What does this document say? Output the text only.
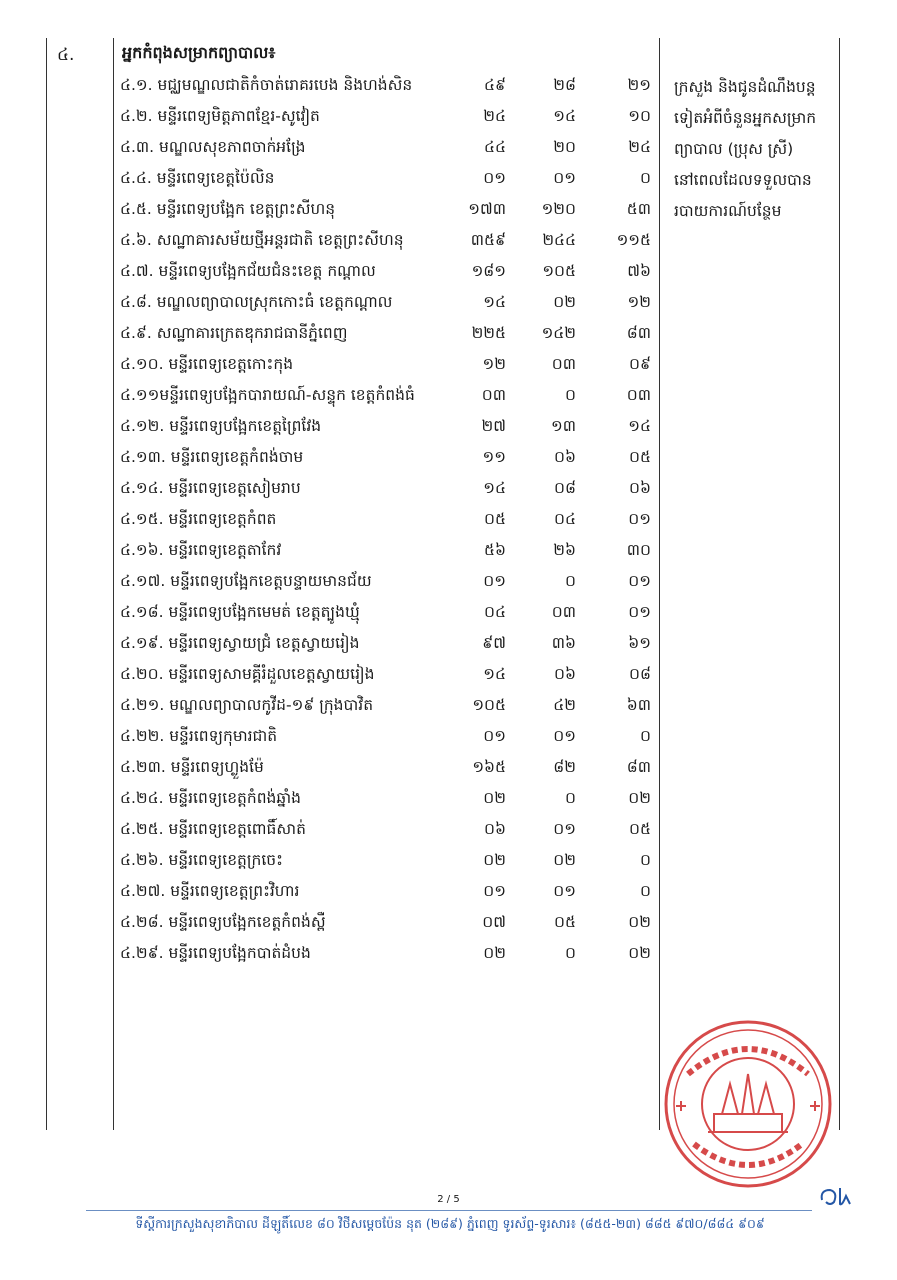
៤.	អ្នកកំពុងសម្រាកព្យាបាល៖
៤.១. មជ្ឈមណ្ឌលជាតិកំចាត់រោគរបេង និងហង់សិន	៤៩	២៨	២១
៤.២. មន្ទីរពេទ្យមិត្តភាពខ្មែរ-សូវៀត	២៤	១៤	១០
៤.៣. មណ្ឌលសុខភាពចាក់អង្រែ	៤៤	២០	២៤
៤.៤. មន្ទីរពេទ្យខេត្តប៉ៃលិន	០១	០១	០
៤.៥. មន្ទីរពេទ្យបង្អែក ខេត្តព្រះសីហនុ	១៧៣	១២០	៥៣
៤.៦. សណ្ឋាគារសម័យថ្មីអន្តរជាតិ ខេត្តព្រះសីហនុ	៣៥៩	២៤៤	១១៥
៤.៧. មន្ទីរពេទ្យបង្អែកជ័យជំនះខេត្ត កណ្ដាល	១៨១	១០៥	៧៦
៤.៨. មណ្ឌលព្យាបាលស្រុកកោះធំ ខេត្តកណ្ដាល	១៤	០២	១២
៤.៩. សណ្ឋាគារក្រេតឌុករាជធានីភ្នំពេញ	២២៥	១៤២	៨៣
៤.១០. មន្ទីរពេទ្យខេត្តកោះកុង	១២	០៣	០៩
៤.១១មន្ទីរពេទ្យបង្អែកបារាយណ៍-សន្ទុក ខេត្តកំពង់ធំ	០៣	០	០៣
៤.១២. មន្ទីរពេទ្យបង្អែកខេត្តព្រៃវែង	២៧	១៣	១៤
៤.១៣. មន្ទីរពេទ្យខេត្តកំពង់ចាម	១១	០៦	០៥
៤.១៤. មន្ទីរពេទ្យខេត្តសៀមរាប	១៤	០៨	០៦
៤.១៥. មន្ទីរពេទ្យខេត្តកំពត	០៥	០៤	០១
៤.១៦. មន្ទីរពេទ្យខេត្តតាកែវ	៥៦	២៦	៣០
៤.១៧. មន្ទីរពេទ្យបង្អែកខេត្តបន្ទាយមានជ័យ	០១	០	០១
៤.១៨. មន្ទីរពេទ្យបង្អែកមេមត់ ខេត្តត្បូងឃ្មុំ	០៤	០៣	០១
៤.១៩. មន្ទីរពេទ្យស្វាយជ្រំ ខេត្តស្វាយរៀង	៩៧	៣៦	៦១
៤.២០. មន្ទីរពេទ្យសាមគ្គីរំដួលខេត្តស្វាយរៀង	១៤	០៦	០៨
៤.២១. មណ្ឌលព្យាបាលកូវីដ-១៩ ក្រុងបាវិត	១០៥	៤២	៦៣
៤.២២. មន្ទីរពេទ្យកុមារជាតិ	០១	០១	០
៤.២៣. មន្ទីរពេទ្យហ្លួងម៉ែ	១៦៥	៨២	៨៣
៤.២៤. មន្ទីរពេទ្យខេត្តកំពង់ឆ្នាំង	០២	០	០២
៤.២៥. មន្ទីរពេទ្យខេត្តពោធិ៍សាត់	០៦	០១	០៥
៤.២៦. មន្ទីរពេទ្យខេត្តក្រចេះ	០២	០២	០
៤.២៧. មន្ទីរពេទ្យខេត្តព្រះវិហារ	០១	០១	០
៤.២៨. មន្ទីរពេទ្យបង្អែកខេត្តកំពង់ស្ពឺ	០៧	០៥	០២
៤.២៩. មន្ទីរពេទ្យបង្អែកបាត់ដំបង	០២	០	០២

ក្រសួង និងជូនដំណឹងបន្តទៀតអំពីចំនួនអ្នកសម្រាកព្យាបាល (ប្រុស ស្រី) នៅពេលដែលទទួលបានរបាយការណ៍បន្ថែម
2 / 5
ទីស្តីការក្រសួងសុខាភិបាល ដីឡូតិ៍លេខ ៨០ វិថីសម្ដេចប៉ែន នុត (២៨៩) ភ្នំពេញ ទូរស័ព្ទ-ទូរសារ៖ (៨៥៥-២៣) ៨៨៥ ៩៧០/៨៨៤ ៩០៩
